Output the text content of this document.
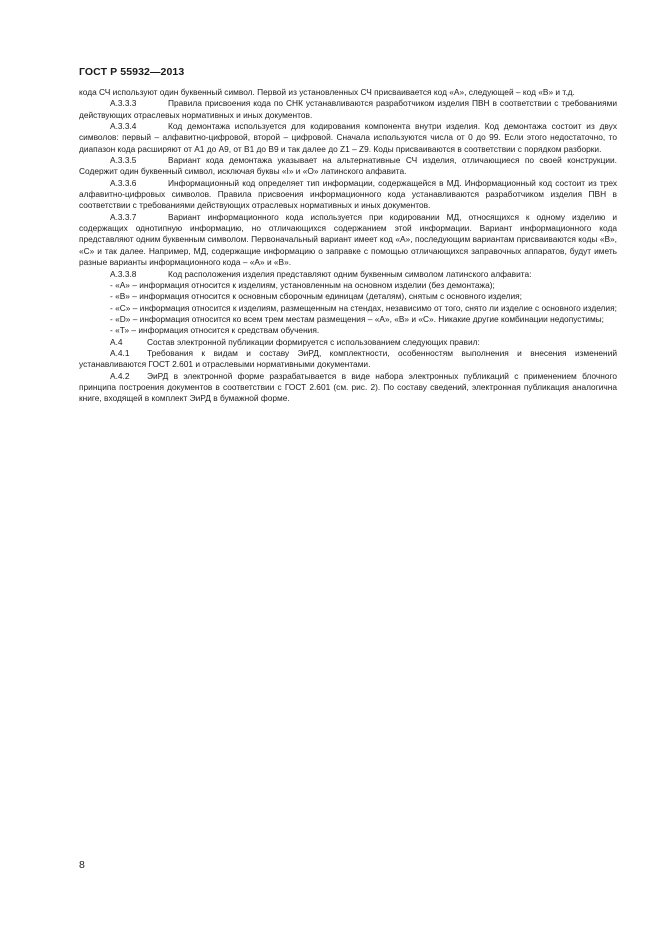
ГОСТ Р 55932—2013

кода СЧ используют один буквенный символ. Первой из установленных СЧ присваивается код «А», следующей – код «В» и т.д.

А.3.3.3	Правила присвоения кода по СНК устанавливаются разработчиком изделия ПВН в соответствии с требованиями действующих отраслевых нормативных и иных документов.

А.3.3.4	Код демонтажа используется для кодирования компонента внутри изделия. Код демонтажа состоит из двух символов: первый – алфавитно-цифровой, второй – цифровой. Сначала используются числа от 0 до 99. Если этого недостаточно, то диапазон кода расширяют от А1 до А9, от В1 до В9 и так далее до Z1 – Z9. Коды присваиваются в соответствии с порядком разборки.

А.3.3.5	Вариант кода демонтажа указывает на альтернативные СЧ изделия, отличающиеся по своей конструкции. Содержит один буквенный символ, исключая буквы «I» и «O» латинского алфавита.

А.3.3.6	Информационный код определяет тип информации, содержащейся в МД. Информационный код состоит из трех алфавитно-цифровых символов. Правила присвоения информационного кода устанавливаются разработчиком изделия ПВН в соответствии с требованиями действующих отраслевых нормативных и иных документов.

А.3.3.7	Вариант информационного кода используется при кодировании МД, относящихся к одному изделию и содержащих однотипную информацию, но отличающихся содержанием этой информации. Вариант информационного кода представляют одним буквенным символом. Первоначальный вариант имеет код «А», последующим вариантам присваиваются коды «В», «С» и так далее. Например, МД, содержащие информацию о заправке с помощью отличающихся заправочных аппаратов, будут иметь разные варианты информационного кода – «А» и «В».

А.3.3.8	Код расположения изделия представляют одним буквенным символом латинского алфавита:

- «А» – информация относится к изделиям, установленным на основном изделии (без демонтажа);

- «В» – информация относится к основным сборочным единицам (деталям), снятым с основного изделия;

- «С» – информация относится к изделиям, размещенным на стендах, независимо от того, снято ли изделие с основного изделия;

- «D» – информация относится ко всем трем местам размещения – «А», «В» и «С». Никакие другие комбинации недопустимы;

- «Т» – информация относится к средствам обучения.

А.4	Состав электронной публикации формируется с использованием следующих правил:

А.4.1 Требования к видам и составу ЭиРД, комплектности, особенностям выполнения и внесения изменений устанавливаются ГОСТ 2.601 и отраслевыми нормативными документами.

А.4.2 ЭиРД в электронной форме разрабатывается в виде набора электронных публикаций с применением блочного принципа построения документов в соответствии с ГОСТ 2.601 (см. рис. 2). По составу сведений, электронная публикация аналогична книге, входящей в комплект ЭиРД в бумажной форме.

8
